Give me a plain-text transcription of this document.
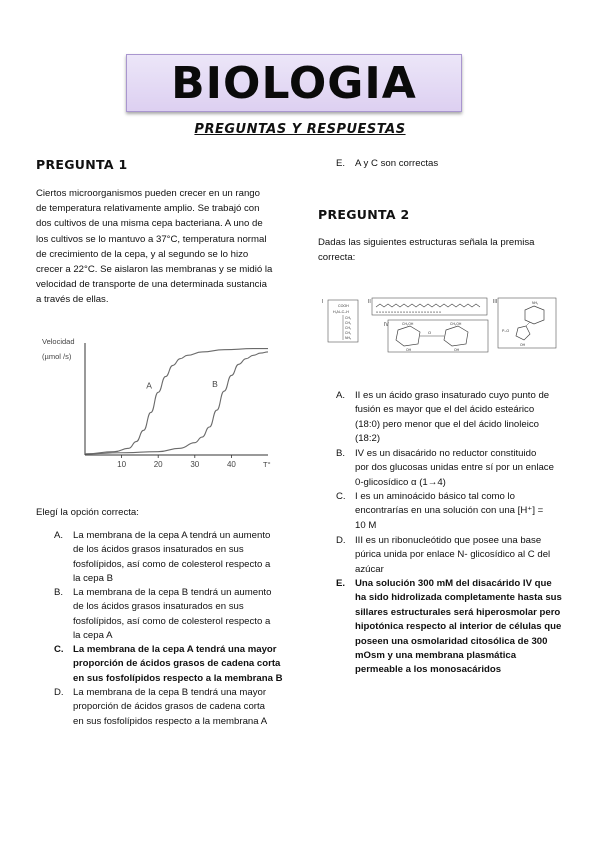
BIOLOGIA
PREGUNTAS Y RESPUESTAS
PREGUNTA 1
Ciertos microorganismos pueden crecer en un rango
de temperatura relativamente amplio. Se trabajó con
dos cultivos de una misma cepa bacteriana. A uno de
los cultivos se lo mantuvo a 37°C, temperatura normal
de crecimiento de la cepa, y al segundo se lo hizo
crecer a 22°C. Se aislaron las membranas y se midió la
velocidad de transporte de una determinada sustancia
a través de ellas.
Velocidad
(µmol /s)
T°
10	20	30	40
A	B
Elegí la opción correcta:
A. La membrana de la cepa A tendrá un aumento
de los ácidos grasos insaturados en sus
fosfolípidos, así como de colesterol respecto a
la cepa B
B. La membrana de la cepa B tendrá un aumento
de los ácidos grasos insaturados en sus
fosfolípidos, así como de colesterol respecto a
la cepa A
C. La membrana de la cepa A tendrá una mayor
proporción de ácidos grasos de cadena corta
en sus fosfolípidos respecto a la membrana B
D. La membrana de la cepa B tendrá una mayor
proporción de ácidos grasos de cadena corta
en sus fosfolípidos respecto a la membrana A
E. A y C son correctas
PREGUNTA 2
Dadas las siguientes estructuras señala la premisa
correcta:
I
COOH
H₃N–C–H
CH₂
CH₂
CH₂
CH₂
NH₃
II
H H H H H H H H H H H H H H H H H H H H H H
IV
O
CH₂OH	CH₂OH
OH	OH
III	NH₂
P–O
OH
A. II es un ácido graso insaturado cuyo punto de
fusión es mayor que el del ácido esteárico
(18:0) pero menor que el del ácido linoleico
(18:2)
B. IV es un disacárido no reductor constituido
por dos glucosas unidas entre sí por un enlace
0-glicosídico α (1→4)
C. I es un aminoácido básico tal como lo
encontrarías en una solución con una [H⁺] =
10 M
D. III es un ribonucleótido que posee una base
púrica unida por enlace N- glicosídico al C del
azúcar
E. Una solución 300 mM del disacárido IV que
ha sido hidrolizada completamente hasta sus
sillares estructurales será hiperosmolar pero
hipotónica respecto al interior de células que
poseen una osmolaridad citosólica de 300
mOsm y una membrana plasmática
permeable a los monosacáridos
